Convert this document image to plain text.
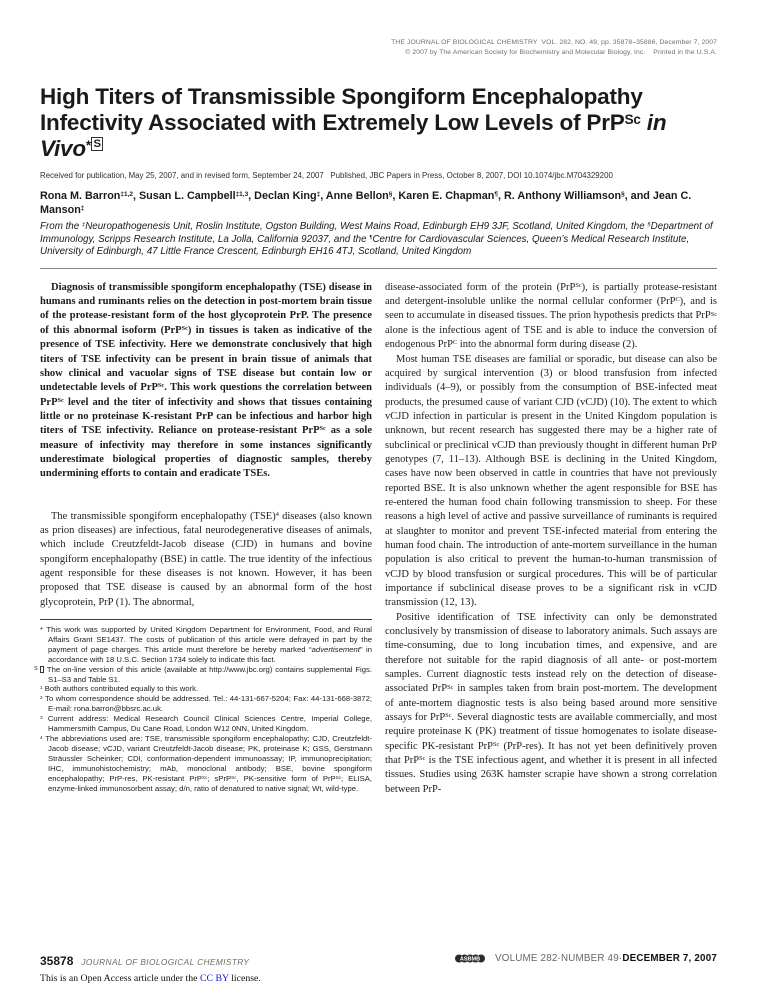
THE JOURNAL OF BIOLOGICAL CHEMISTRY  VOL. 282, NO. 49, pp. 35878–35886, December 7, 2007
© 2007 by The American Society for Biochemistry and Molecular Biology, Inc.    Printed in the U.S.A.
High Titers of Transmissible Spongiform Encephalopathy Infectivity Associated with Extremely Low Levels of PrP$^{Sc}$ in Vivo* $^S$
Received for publication, May 25, 2007, and in revised form, September 24, 2007   Published, JBC Papers in Press, October 8, 2007, DOI 10.1074/jbc.M704329200
Rona M. Barron$^{\ddagger 1,2}$, Susan L. Campbell$^{\ddagger 1,3}$, Declan King‡, Anne Bellon§, Karen E. Chapman¶, R. Anthony Williamson§, and Jean C. Manson‡
From the ‡Neuropathogenesis Unit, Roslin Institute, Ogston Building, West Mains Road, Edinburgh EH9 3JF, Scotland, United Kingdom, the §Department of Immunology, Scripps Research Institute, La Jolla, California 92037, and the ¶Centre for Cardiovascular Sciences, Queen’s Medical Research Institute, University of Edinburgh, 47 Little France Crescent, Edinburgh EH16 4TJ, Scotland, United Kingdom

Diagnosis of transmissible spongiform encephalopathy (TSE) disease in humans and ruminants relies on the detection in post-mortem brain tissue of the protease-resistant form of the host glycoprotein PrP. The presence of this abnormal isoform (PrP$^{Sc}$) in tissues is taken as indicative of the presence of TSE infectivity. Here we demonstrate conclusively that high titers of TSE infectivity can be present in brain tissue of animals that show clinical and vacuolar signs of TSE disease but contain low or undetectable levels of PrP$^{Sc}$. This work questions the correlation between PrP$^{Sc}$ level and the titer of infectivity and shows that tissues containing little or no proteinase K-resistant PrP can be infectious and harbor high titers of TSE infectivity. Reliance on protease-resistant PrP$^{Sc}$ as a sole measure of infectivity may therefore in some instances significantly underestimate biological properties of diagnostic samples, thereby undermining efforts to contain and eradicate TSEs.

The transmissible spongiform encephalopathy (TSE)$^4$ diseases (also known as prion diseases) are infectious, fatal neurodegenerative diseases of animals, which include Creutzfeldt-Jacob disease (CJD) in humans and bovine spongiform encephalopathy (BSE) in cattle. The true identity of the infectious agent responsible for these diseases is not known. However, it has been proposed that TSE disease is caused by an abnormal form of the host glycoprotein, PrP (1). The abnormal,

* This work was supported by United Kingdom Department for Environment, Food, and Rural Affairs Grant SE1437. The costs of publication of this article were defrayed in part by the payment of page charges. This article must therefore be hereby marked “advertisement” in accordance with 18 U.S.C. Section 1734 solely to indicate this fact.
S The on-line version of this article (available at http://www.jbc.org) contains supplemental Figs. S1–S3 and Table S1.
$^1$ Both authors contributed equally to this work.
$^2$ To whom correspondence should be addressed. Tel.: 44-131-667-5204; Fax: 44-131-668-3872; E-mail: rona.barron@bbsrc.ac.uk.
$^3$ Current address: Medical Research Council Clinical Sciences Centre, Imperial College, Hammersmith Campus, Du Cane Road, London W12 0NN, United Kingdom.
$^4$ The abbreviations used are: TSE, transmissible spongiform encephalopathy; CJD, Creutzfeldt-Jacob disease; vCJD, variant Creutzfeldt-Jacob disease; PK, proteinase K; GSS, Gerstmann Sträussler Scheinker; CDI, conformation-dependent immunoassay; IP, immunoprecipitation; IHC, immunohistochemistry; mAb, monoclonal antibody; BSE, bovine spongiform encephalopathy; PrP-res, PK-resistant PrP$^{Sc}$; sPrP$^{Sc}$, PK-sensitive form of PrP$^{Sc}$; ELISA, enzyme-linked immunosorbent assay; d/n, ratio of denatured to native signal; Wt, wild-type.

disease-associated form of the protein (PrP$^{Sc}$), is partially protease-resistant and detergent-insoluble unlike the normal cellular conformer (PrP$^C$), and is seen to accumulate in diseased tissues. The prion hypothesis predicts that PrP$^{Sc}$ alone is the infectious agent of TSE and is able to induce the conversion of endogenous PrP$^C$ into the abnormal form during disease (2).

Most human TSE diseases are familial or sporadic, but disease can also be acquired by surgical intervention (3) or blood transfusion from infected individuals (4–9), or possibly from the consumption of BSE-infected meat products, the presumed cause of variant CJD (vCJD) (10). The extent to which vCJD infection in particular is present in the United Kingdom population is unknown, but recent research has suggested there may be a higher rate of subclinical or preclinical vCJD than previously thought in different human PrP genotypes (7, 11–13). Although BSE is declining in the United Kingdom, cases have now been observed in cattle in countries that have not previously reported BSE. It is also unknown whether the agent responsible for BSE has re-entered the human food chain following transmission to sheep. For these reasons a high level of active and passive surveillance of ruminants is required at slaughter to monitor and prevent TSE-infected material from entering the human food chain. The introduction of ante-mortem surveillance in the human population is also critical to prevent the human-to-human transmission of vCJD by blood transfusion or surgical procedures. This will be of particular importance if subclinical disease proves to be a significant risk in vCJD transmission (12, 13).

Positive identification of TSE infectivity can only be demonstrated conclusively by transmission of disease to laboratory animals. Such assays are time-consuming, due to long incubation times, and expensive, and are therefore not suitable for the rapid diagnosis of all ante- or post-mortem samples. Current diagnostic tests instead rely on the detection of disease-associated PrP$^{Sc}$ in samples taken from brain post-mortem. The development of ante-mortem diagnostic tests is also being based around more sensitive assays for PrP$^{Sc}$. Several diagnostic tests are available commercially, and most require proteinase K (PK) treatment of tissue homogenates to isolate disease-specific PK-resistant PrP$^{Sc}$ (PrP-res). It has not yet been definitively proven that PrP$^{Sc}$ is the TSE infectious agent, and whether it is present in all infected tissues. Studies using 263K hamster scrapie have shown a strong correlation between PrP-

35878 JOURNAL OF BIOLOGICAL CHEMISTRY	ASBMB VOLUME 282·NUMBER 49·DECEMBER 7, 2007
This is an Open Access article under the CC BY license.
